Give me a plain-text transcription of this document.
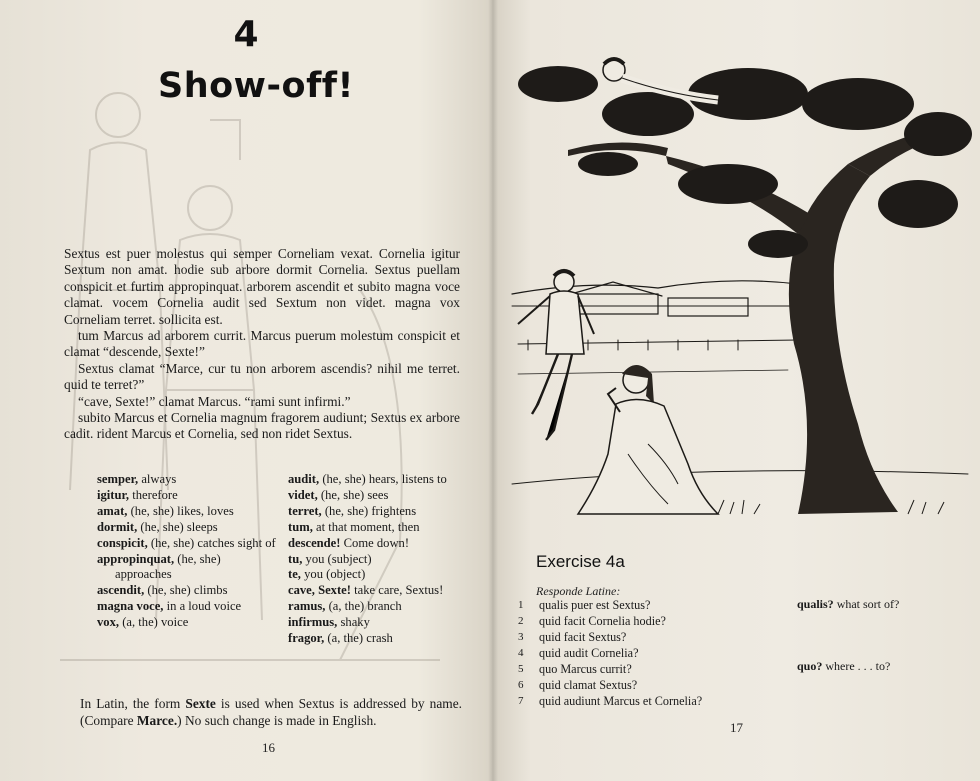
4
Show-off!

Sextus est puer molestus qui semper Corneliam vexat. Cornelia igitur Sextum non amat. hodie sub arbore dormit Cornelia. Sextus puellam conspicit et furtim appropinquat. arborem ascendit et subito magna voce clamat. vocem Cornelia audit sed Sextum non videt. magna vox Corneliam terret. sollicita est.

tum Marcus ad arborem currit. Marcus puerum molestum conspicit et clamat “descende, Sexte!”

Sextus clamat “Marce, cur tu non arborem ascendis? nihil me terret. quid te terret?”

“cave, Sexte!” clamat Marcus. “rami sunt infirmi.”

subito Marcus et Cornelia magnum fragorem audiunt; Sextus ex arbore cadit. rident Marcus et Cornelia, sed non ridet Sextus.

semper, always
igitur, therefore
amat, (he, she) likes, loves
dormit, (he, she) sleeps
conspicit, (he, she) catches sight of
appropinquat, (he, she) approaches
ascendit, (he, she) climbs
magna voce, in a loud voice
vox, (a, the) voice
audit, (he, she) hears, listens to
videt, (he, she) sees
terret, (he, she) frightens
tum, at that moment, then
descende! Come down!
tu, you (subject)
te, you (object)
cave, Sexte! take care, Sextus!
ramus, (a, the) branch
infirmus, shaky
fragor, (a, the) crash
In Latin, the form Sexte is used when Sextus is addressed by name. (Compare Marce.) No such change is made in English.
16
Exercise 4a
Responde Latine:
1	qualis puer est Sextus?
2	quid facit Cornelia hodie?
3	quid facit Sextus?
4	quid audit Cornelia?
5	quo Marcus currit?
6	quid clamat Sextus?
7	quid audiunt Marcus et Cornelia?
qualis? what sort of?
quo? where . . . to?
17
